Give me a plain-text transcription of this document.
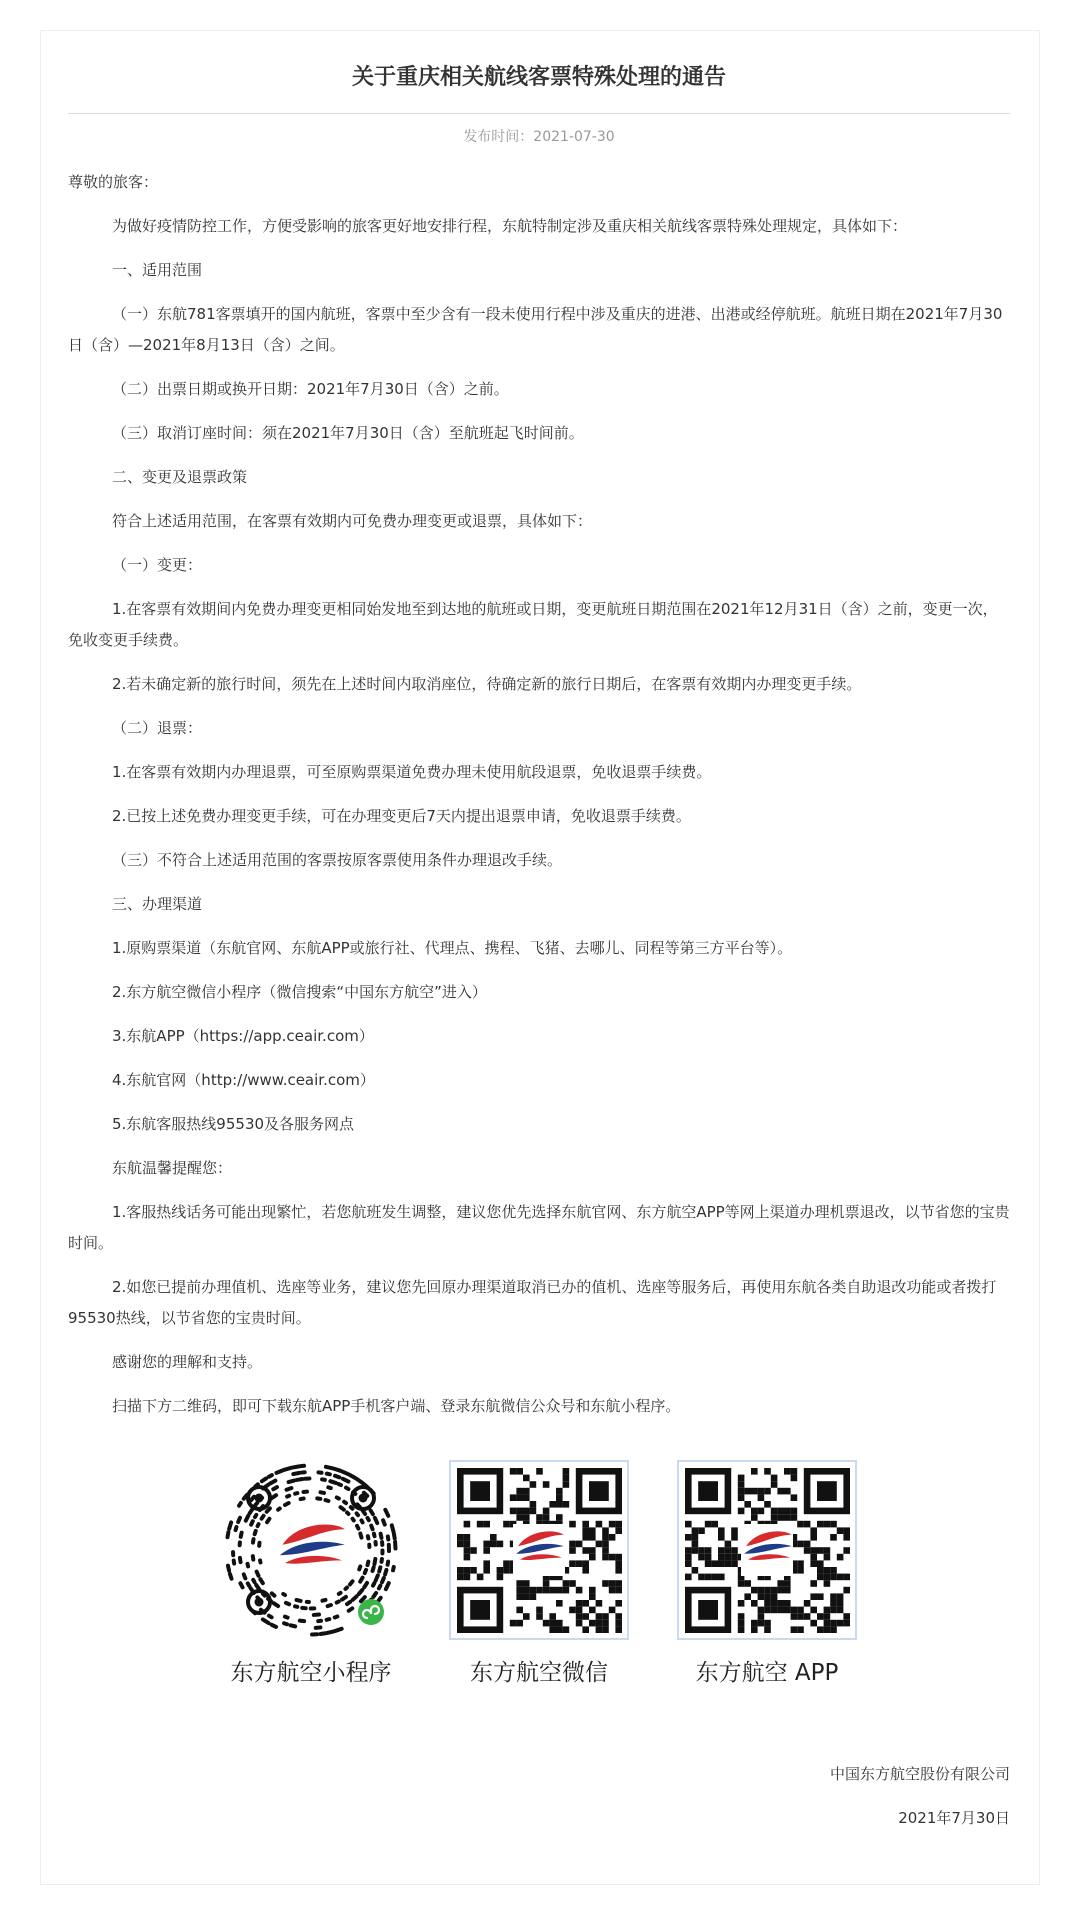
关于重庆相关航线客票特殊处理的通告
发布时间：2021-07-30

尊敬的旅客：

为做好疫情防控工作，方便受影响的旅客更好地安排行程，东航特制定涉及重庆相关航线客票特殊处理规定，具体如下：

一、适用范围

（一）东航781客票填开的国内航班，客票中至少含有一段未使用行程中涉及重庆的进港、出港或经停航班。航班日期在2021年7月30日（含）—2021年8月13日（含）之间。

（二）出票日期或换开日期：2021年7月30日（含）之前。

（三）取消订座时间：须在2021年7月30日（含）至航班起飞时间前。

二、变更及退票政策

符合上述适用范围，在客票有效期内可免费办理变更或退票，具体如下：

（一）变更：

1.在客票有效期间内免费办理变更相同始发地至到达地的航班或日期，变更航班日期范围在2021年12月31日（含）之前，变更一次，免收变更手续费。

2.若未确定新的旅行时间，须先在上述时间内取消座位，待确定新的旅行日期后，在客票有效期内办理变更手续。

（二）退票：

1.在客票有效期内办理退票，可至原购票渠道免费办理未使用航段退票，免收退票手续费。

2.已按上述免费办理变更手续，可在办理变更后7天内提出退票申请，免收退票手续费。

（三）不符合上述适用范围的客票按原客票使用条件办理退改手续。

三、办理渠道

1.原购票渠道（东航官网、东航APP或旅行社、代理点、携程、飞猪、去哪儿、同程等第三方平台等）。

2.东方航空微信小程序（微信搜索“中国东方航空”进入）

3.东航APP（https://app.ceair.com）

4.东航官网（http://www.ceair.com）

5.东航客服热线95530及各服务网点

东航温馨提醒您：

1.客服热线话务可能出现繁忙，若您航班发生调整，建议您优先选择东航官网、东方航空APP等网上渠道办理机票退改，以节省您的宝贵时间。

2.如您已提前办理值机、选座等业务，建议您先回原办理渠道取消已办的值机、选座等服务后，再使用东航各类自助退改功能或者拨打95530热线，以节省您的宝贵时间。

感谢您的理解和支持。

扫描下方二维码，即可下载东航APP手机客户端、登录东航微信公众号和东航小程序。

东方航空小程序	东方航空微信	东方航空 APP
中国东方航空股份有限公司
2021年7月30日
